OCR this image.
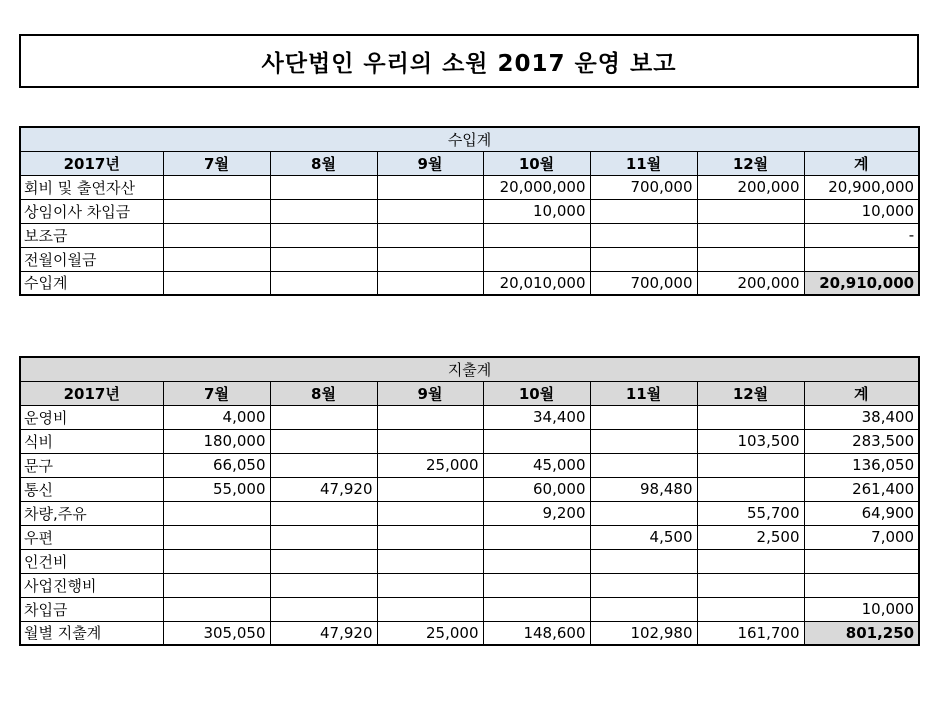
사단법인 우리의 소원 2017 운영 보고
수입계							
2017년	7월	8월	9월	10월	11월	12월	계
회비 및 출연자산				20,000,000	700,000	200,000	20,900,000
상임이사 차입금				10,000			10,000
보조금							-
전월이월금							
수입계				20,010,000	700,000	200,000	20,910,000
지출계							
2017년	7월	8월	9월	10월	11월	12월	계
운영비	4,000			34,400			38,400
식비	180,000					103,500	283,500
문구	66,050		25,000	45,000			136,050
통신	55,000	47,920		60,000	98,480		261,400
차량,주유				9,200		55,700	64,900
우편					4,500	2,500	7,000
인건비							
사업진행비							
차입금							10,000
월별 지출계	305,050	47,920	25,000	148,600	102,980	161,700	801,250
